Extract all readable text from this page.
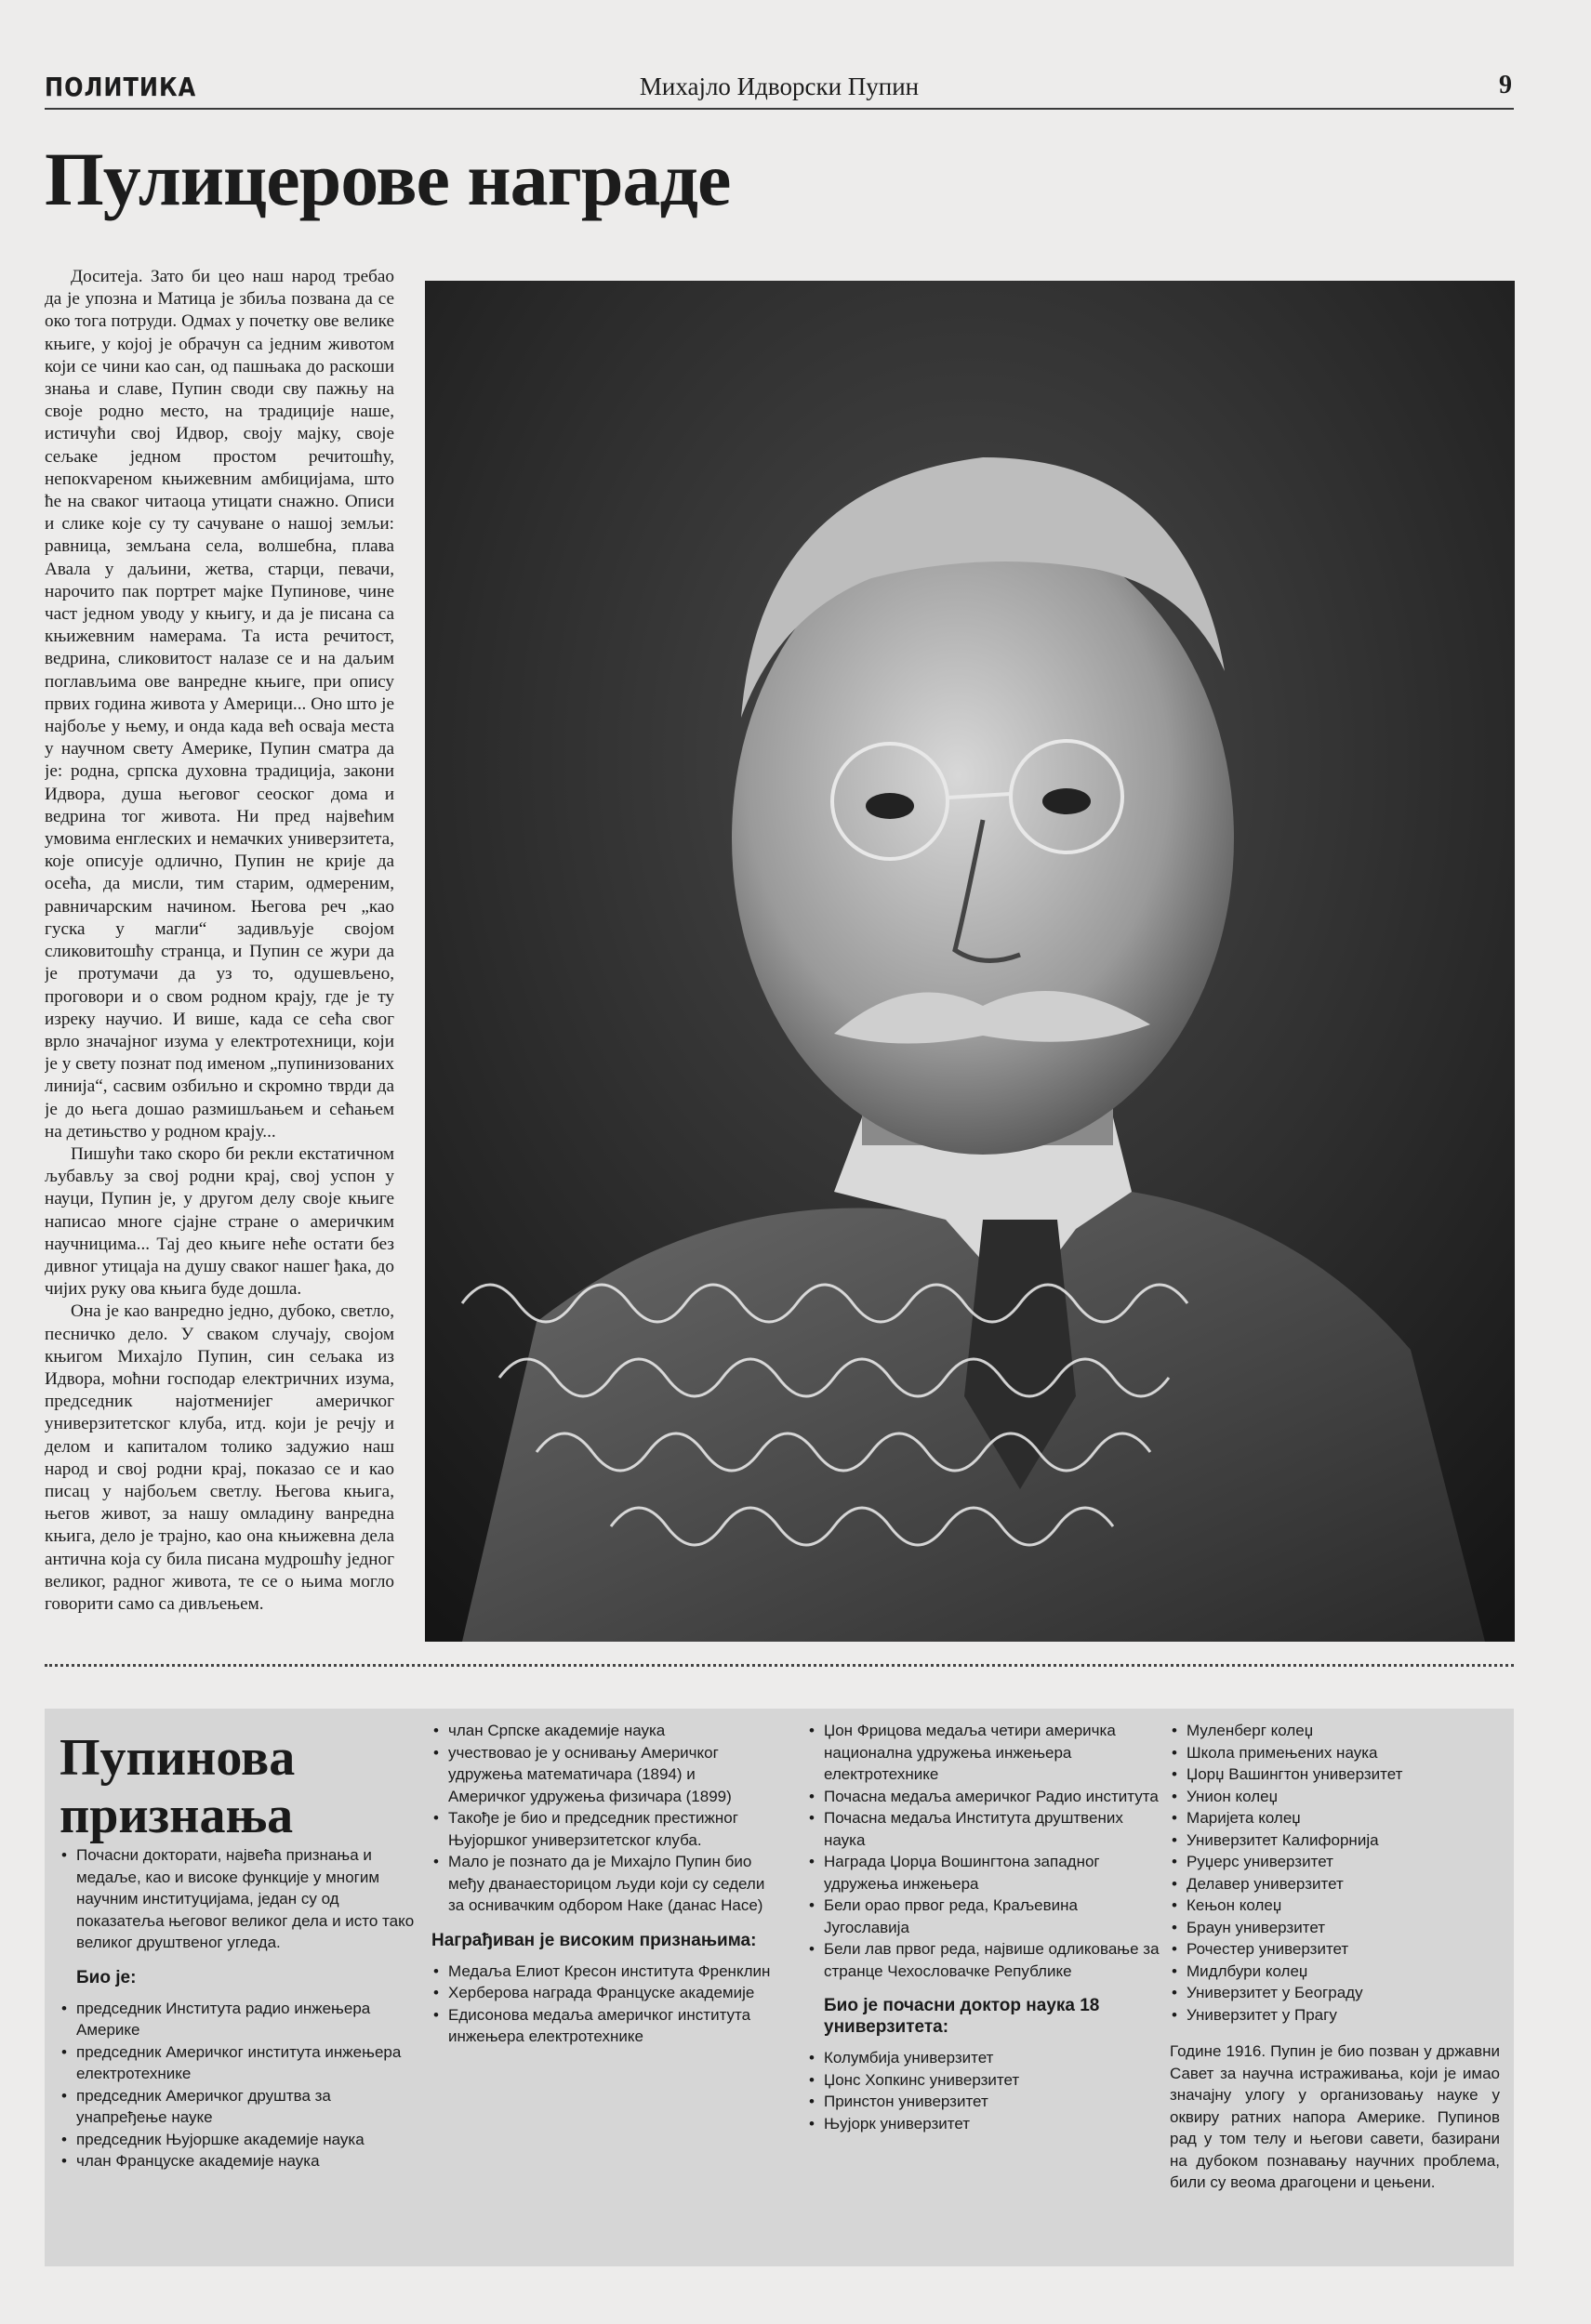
ПОЛИТИКА	Михајло Идворски Пупин	9
Пулицерове награде

Доситеја. Зато би цео наш народ требао да је упозна и Матица је збиља позвана да се око тога потруди. Одмах у почетку ове велике књиге, у којој је обрачун са једним животом који се чини као сан, од пашњака до раскоши знања и славе, Пупин своди сву пажњу на своје родно место, на традиције наше, истичући свој Идвор, своју мајку, своје сељаке једном простом речитошћу, непокvареном књижевним амбицијама, што ће на сваког читаоца утицати снажно. Описи и слике које су ту сачуване о нашој земљи: равница, земљана села, волшебна, плава Авала у даљини, жетва, старци, певачи, нарочито пак портрет мајке Пупинове, чине част једном уводу у књигу, и да је писана са књижевним намерама. Та иста речитост, ведрина, сликовитост налазе се и на даљим поглављима ове ванредне књиге, при опису првих година живота у Америци... Оно што је најбоље у њему, и онда када већ осваја места у научном свету Америке, Пупин сматра да је: родна, српска духовна традиција, закони Идвора, душа његовог сеоског дома и ведрина тог живота. Ни пред највећим умовима енглеских и немачких универзитета, које описује одлично, Пупин не крије да осећа, да мисли, тим старим, одмереним, равничарским начином. Његова реч „као гуска у магли“ задивљује својом сликовитошћу странца, и Пупин се жури да је протумачи да уз то, одушевљено, проговори и о свом родном крају, где је ту изреку научио. И више, када се сећа свог врло значајног изума у електротехници, који је у свету познат под именом „пупинизованих линија“, сасвим озбиљно и скромно тврди да је до њега дошао размишљањем и сећањем на детињство у родном крају...

Пишући тако скоро би рекли екстатичном љубављу за свој родни крај, свој успон у науци, Пупин је, у другом делу своје књиге написао многе сјајне стране о америчким научницима... Тај део књиге неће остати без дивног утицаја на душу сваког нашег ђака, до чијих руку ова књига буде дошла.

Она је као ванредно једно, дубоко, светло, песничко дело. У сваком случају, својом књигом Михајло Пупин, син сељака из Идвора, моћни господар електричних изума, председник најотменијег америчког универзитетског клуба, итд. који је речју и делом и капиталом толико задужио наш народ и свој родни крај, показао се и као писац у најбољем светлу. Његова књига, његов живот, за нашу омладину ванредна књига, дело је трајно, као она књижевна дела антична која су била писана мудрошћу једног великог, радног живота, те се о њима могло говорити само са дивљењем.

Пупинова
признања
• Почасни докторати, највећа признања и медаље, као и високе функције у многим научним институцијама, један су од показатеља његовог великог дела и исто тако великог друштвеног угледа.
Био је:
• председник Института радио инжењера Америке
• председник Америчког института инжењера електротехнике
• председник Америчког друштва за унапређење науке
• председник Њујоршке академије наука
• члан Француске академије наука
• члан Српске академије наука
• учествовао је у оснивању Америчког удружења математичара (1894) и Америчког удружења физичара (1899)
• Такође је био и председник престижног Њујоршког универзитетског клуба.
• Мало је познато да је Михајло Пупин био међу дванаесторицом људи који су седели за оснивачким одбором Наке (данас Насе)
Награђиван је високим признањима:
• Медаља Елиот Кресон института Френклин
• Херберова награда Француске академије
• Едисонова медаља америчког института инжењера електротехнике
• Џон Фрицова медаља четири америчка национална удружења инжењера електротехнике
• Почасна медаља америчког Радио института
• Почасна медаља Института друштвених наука
• Награда Џорџа Вошингтона западног удружења инжењера
• Бели орао првог реда, Краљевина Југославија
• Бели лав првог реда, највише одликовање за странце Чехословачке Републике
Био је почасни доктор наука 18 универзитета:
• Колумбија универзитет
• Џонс Хопкинс универзитет
• Принстон универзитет
• Њујорк универзитет
• Мулeнберг колеџ
• Школа примењених наука
• Џорџ Вашингтон универзитет
• Унион колеџ
• Маријета колеџ
• Универзитет Калифорнија
• Руџерс универзитет
• Делавер универзитет
• Кењон колеџ
• Браун универзитет
• Рочестер универзитет
• Мидлбури колеџ
• Универзитет у Београду
• Универзитет у Прагу
Године 1916. Пупин је био позван у државни Савет за научна истраживања, који је имао значајну улогу у организовању науке у оквиру ратних напора Америке. Пупинов рад у том телу и његови савети, базирани на дубоком познавању научних проблема, били су веома драгоцени и цењени.
